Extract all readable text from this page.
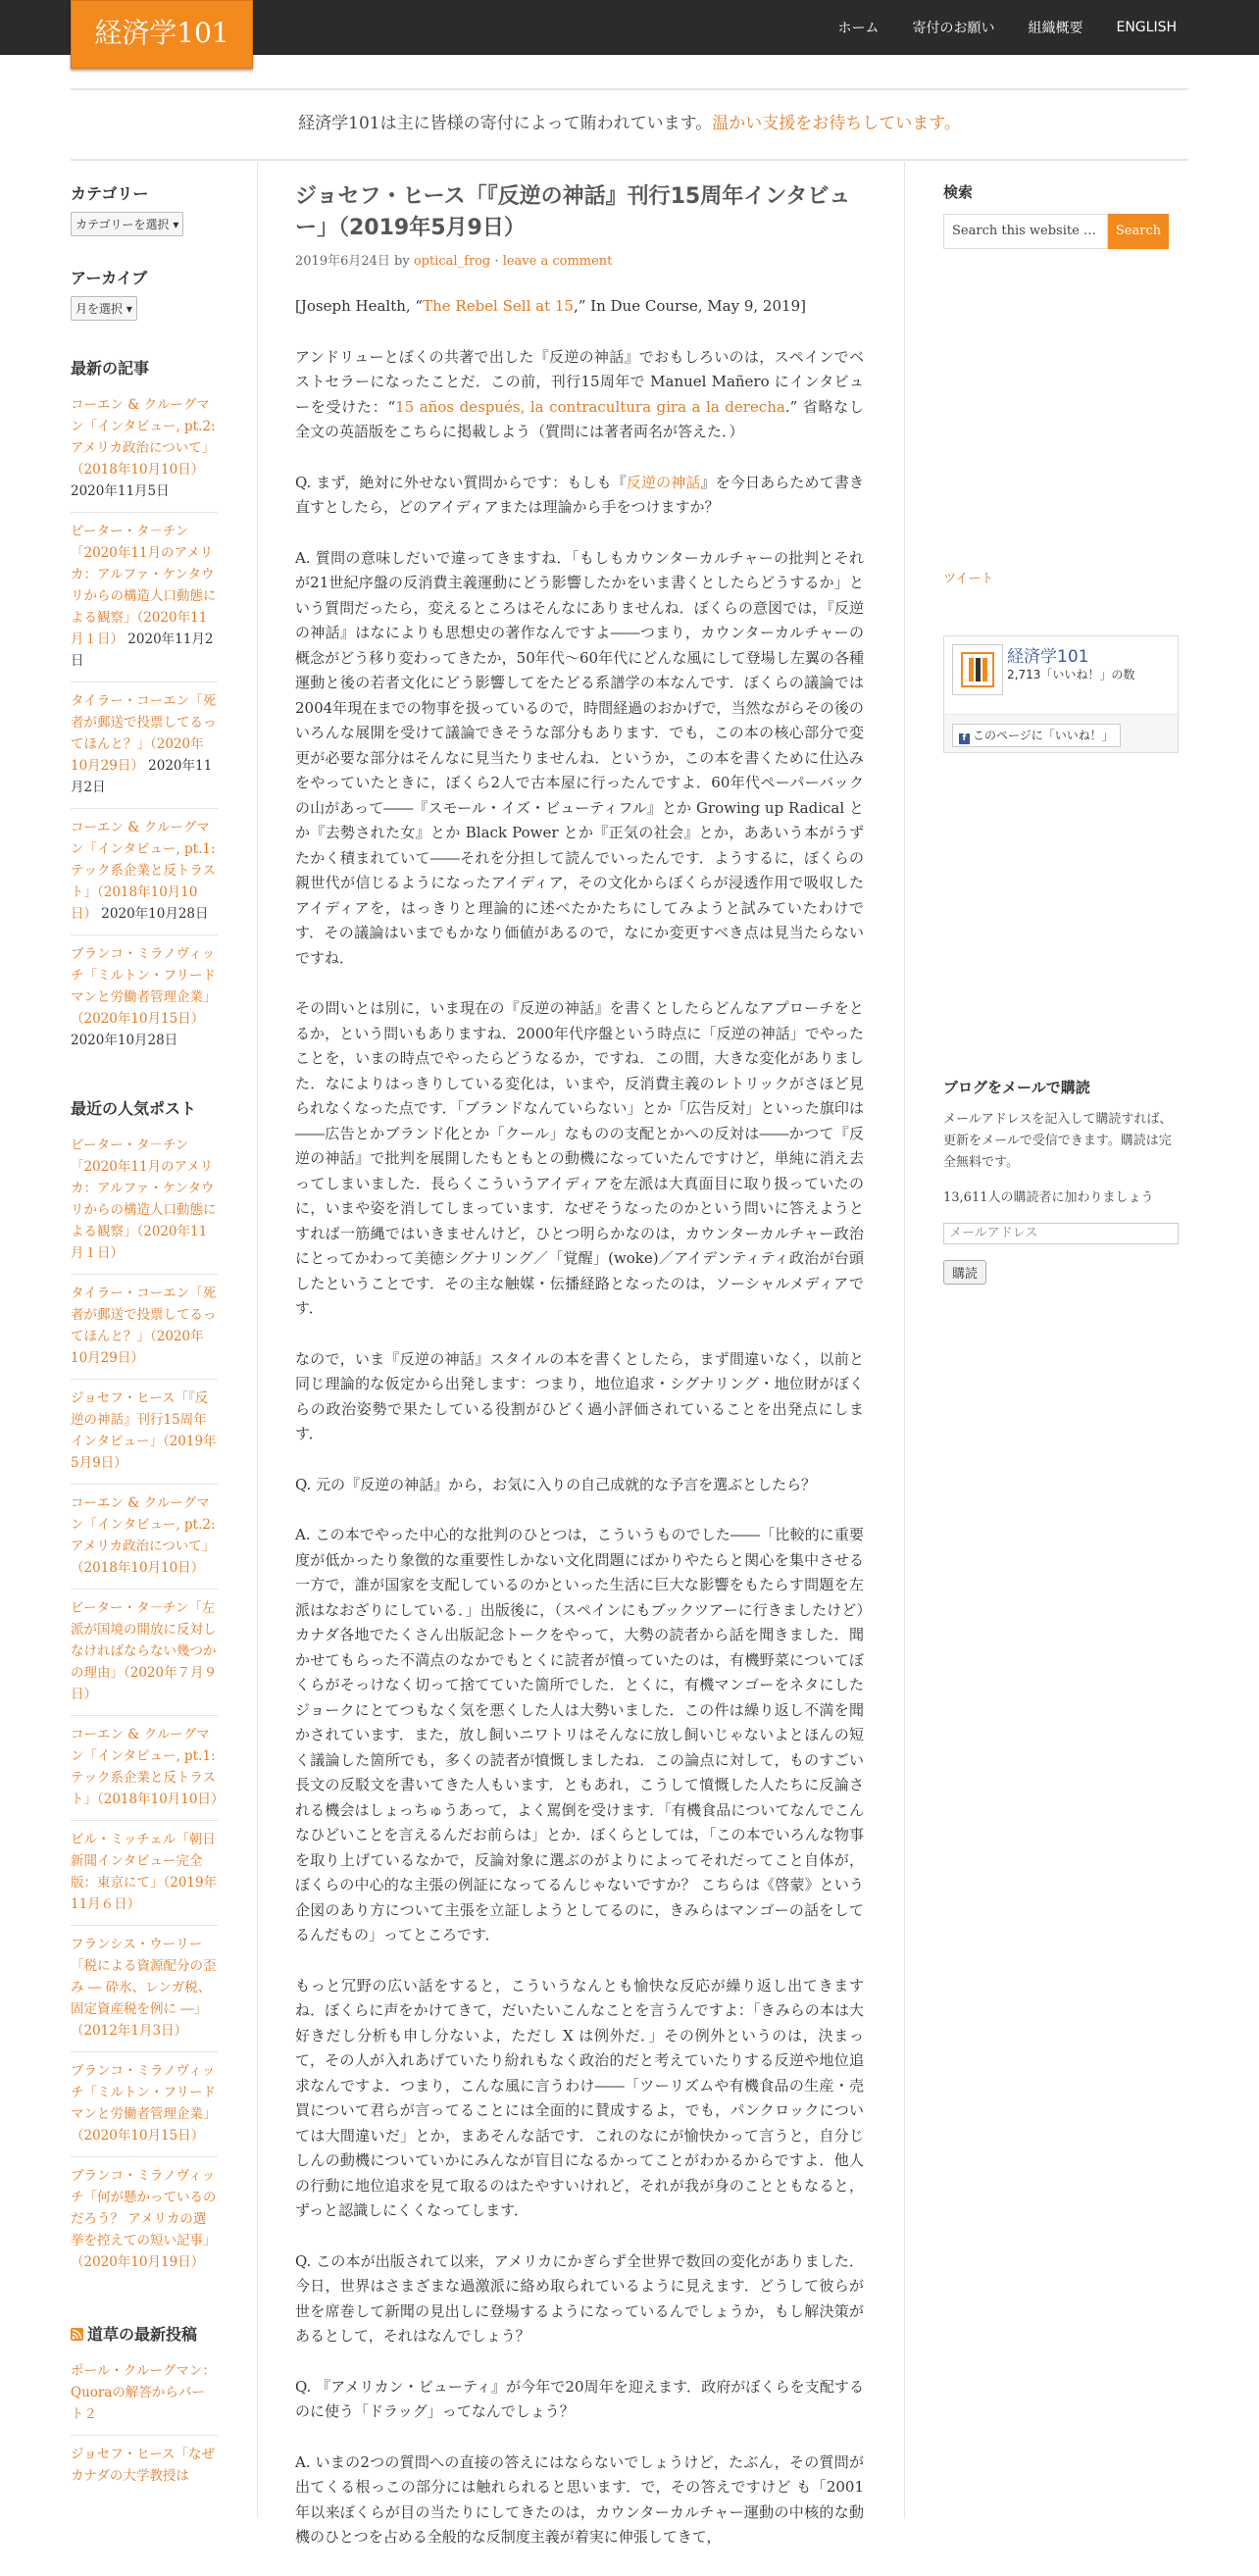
経済学101	ホーム 寄付のお願い 組織概要 ENGLISH
経済学101は主に皆様の寄付によって賄われています。温かい支援をお待ちしています。
カテゴリー
カテゴリーを選択 ▾
アーカイブ
月を選択 ▾
最新の記事
コーエン & クルーグマン「インタビュー, pt.2: アメリカ政治について」（2018年10月10日） 2020年11月5日
ピーター・タ－チン「2020年11月のアメリカ：アルファ・ケンタウリからの構造人口動態による観察」（2020年11月１日） 2020年11月2日
タイラー・コーエン「死者が郵送で投票してるってほんと？」（2020年10月29日） 2020年11月2日
コーエン & クルーグマン「インタビュー, pt.1: テック系企業と反トラスト」（2018年10月10日） 2020年10月28日
ブランコ・ミラノヴィッチ「ミルトン・フリードマンと労働者管理企業」（2020年10月15日） 2020年10月28日
最近の人気ポスト
ピーター・タ－チン「2020年11月のアメリカ：アルファ・ケンタウリからの構造人口動態による観察」（2020年11月１日）
タイラー・コーエン「死者が郵送で投票してるってほんと？」（2020年10月29日）
ジョセフ・ヒース「『反逆の神話』刊行15周年インタビュー」（2019年5月9日）
コーエン & クルーグマン「インタビュー, pt.2: アメリカ政治について」（2018年10月10日）
ピーター・タ－チン「左派が国境の開放に反対しなければならない幾つかの理由」（2020年７月９日）
コーエン & クルーグマン「インタビュー, pt.1: テック系企業と反トラスト」（2018年10月10日）
ビル・ミッチェル「朝日新聞インタビュー完全版：東京にて」（2019年11月６日）
フランシス・ウーリー「税による資源配分の歪み ― 砕氷、レンガ税、固定資産税を例に ―」（2012年1月3日）
ブランコ・ミラノヴィッチ「ミルトン・フリードマンと労働者管理企業」（2020年10月15日）
ブランコ・ミラノヴィッチ「何が懸かっているのだろう？ アメリカの選挙を控えての短い記事」（2020年10月19日）
道草の最新投稿
ポール・クルーグマン：Quoraの解答からパート２
ジョセフ・ヒース「なぜカナダの大学教授は
ジョセフ・ヒース「『反逆の神話』刊行15周年インタビュー」（2019年5月9日）
2019年6月24日 by optical_frog · leave a comment

[Joseph Health, “The Rebel Sell at 15,” In Due Course, May 9, 2019]

アンドリューとぼくの共著で出した『反逆の神話』でおもしろいのは，スペインでベストセラーになったことだ．この前，刊行15周年で Manuel Mañero にインタビューを受けた：“15 años después, la contracultura gira a la derecha.” 省略なし全文の英語版をこちらに掲載しよう（質問には著者両名が答えた．）

Q. まず，絶対に外せない質問からです：もしも『反逆の神話』を今日あらためて書き直すとしたら，どのアイディアまたは理論から手をつけますか？

A. 質問の意味しだいで違ってきますね．「もしもカウンターカルチャーの批判とそれが21世紀序盤の反消費主義運動にどう影響したかをいま書くとしたらどうするか」という質問だったら，変えるところはそんなにありませんね．ぼくらの意図では，『反逆の神話』はなによりも思想史の著作なんですよ――つまり，カウンターカルチャーの概念がどう移り変わってきたか，50年代～60年代にどんな風にして登場し左翼の各種運動と後の若者文化にどう影響してをたどる系譜学の本なんです．ぼくらの議論では2004年現在までの物事を扱っているので，時間経過のおかげで，当然ながらその後のいろんな展開を受けて議論できそうな部分もあります．でも，この本の核心部分で変更が必要な部分はそんなに見当たりませんね．というか，この本を書くために仕込みをやっていたときに，ぼくら2人で古本屋に行ったんですよ．60年代ペーパーバックの山があって――『スモール・イズ・ビューティフル』とか Growing up Radical とか『去勢された女』とか Black Power とか『正気の社会』とか，ああいう本がうずたかく積まれていて――それを分担して読んでいったんです．ようするに，ぼくらの親世代が信じるようになったアイディア，その文化からぼくらが浸透作用で吸収したアイディアを，はっきりと理論的に述べたかたちにしてみようと試みていたわけです．その議論はいまでもかなり価値があるので，なにか変更すべき点は見当たらないですね．

その問いとは別に，いま現在の『反逆の神話』を書くとしたらどんなアプローチをとるか，という問いもありますね．2000年代序盤という時点に「反逆の神話」でやったことを，いまの時点でやったらどうなるか，ですね．この間，大きな変化がありました．なによりはっきりしている変化は，いまや，反消費主義のレトリックがさほど見られなくなった点です．「ブランドなんていらない」とか「広告反対」といった旗印は――広告とかブランド化とか「クール」なものの支配とかへの反対は――かつて『反逆の神話』で批判を展開したもともとの動機になっていたんですけど，単純に消え去ってしまいました．長らくこういうアイディアを左派は大真面目に取り扱っていたのに，いまや姿を消してしまっています．なぜそうなったのかという問いに答えようとすれば一筋縄ではいきませんけど，ひとつ明らかなのは，カウンターカルチャー政治にとってかわって美徳シグナリング／「覚醒」(woke)／アイデンティティ政治が台頭したということです．その主な触媒・伝播経路となったのは，ソーシャルメディアです．

なので，いま『反逆の神話』スタイルの本を書くとしたら，まず間違いなく，以前と同じ理論的な仮定から出発します：つまり，地位追求・シグナリング・地位財がぼくらの政治姿勢で果たしている役割がひどく過小評価されていることを出発点にします．

Q. 元の『反逆の神話』から，お気に入りの自己成就的な予言を選ぶとしたら？

A. この本でやった中心的な批判のひとつは，こういうものでした――「比較的に重要度が低かったり象徴的な重要性しかない文化問題にばかりやたらと関心を集中させる一方で，誰が国家を支配しているのかといった生活に巨大な影響をもたらす問題を左派はなおざりにしている．」出版後に，（スペインにもブックツアーに行きましたけど）カナダ各地でたくさん出版記念トークをやって，大勢の読者から話を聞きました．聞かせてもらった不満点のなかでもとくに読者が憤っていたのは，有機野菜についてぼくらがそっけなく切って捨てていた箇所でした．とくに，有機マンゴーをネタにしたジョークにとてつもなく気を悪くした人は大勢いました．この件は繰り返し不満を聞かされています．また，放し飼いニワトリはそんなに放し飼いじゃないよとほんの短く議論した箇所でも，多くの読者が憤慨しましたね．この論点に対して，ものすごい長文の反駁文を書いてきた人もいます．ともあれ，こうして憤慨した人たちに反論される機会はしょっちゅうあって，よく罵倒を受けます．「有機食品についてなんでこんなひどいことを言えるんだお前らは」とか．ぼくらとしては，「この本でいろんな物事を取り上げているなかで，反論対象に選ぶのがよりによってそれだってこと自体が，ぼくらの中心的な主張の例証になってるんじゃないですか？ こちらは《啓蒙》という企図のあり方について主張を立証しようとしてるのに，きみらはマンゴーの話をしてるんだもの」ってところです．

もっと冗野の広い話をすると，こういうなんとも愉快な反応が繰り返し出てきますね．ぼくらに声をかけてきて，だいたいこんなことを言うんですよ：「きみらの本は大好きだし分析も申し分ないよ，ただし X は例外だ．」その例外というのは，決まって，その人が入れあげていたり紛れもなく政治的だと考えていたりする反逆や地位追求なんですよ．つまり，こんな風に言うわけ――「ツーリズムや有機食品の生産・売買について君らが言ってることには全面的に賛成するよ，でも，パンクロックについては大間違いだ」とか，まあそんな話です．これのなにが愉快かって言うと，自分じしんの動機についていかにみんなが盲目になるかってことがわかるからですよ．他人の行動に地位追求を見て取るのはたやすいけれど，それが我が身のことともなると，ずっと認識しにくくなってします．

Q. この本が出版されて以来，アメリカにかぎらず全世界で数回の変化がありました．今日，世界はさまざまな過激派に絡め取られているように見えます．どうして彼らが世を席巻して新聞の見出しに登場するようになっているんでしょうか，もし解決策があるとして，それはなんでしょう？

Q. 『アメリカン・ビューティ』が今年で20周年を迎えます．政府がぼくらを支配するのに使う「ドラッグ」ってなんでしょう？

A. いまの2つの質問への直接の答えにはならないでしょうけど，たぶん，その質問が出てくる根っこの部分には触れられると思います．で，その答えですけど も「2001年以来ぼくらが目の当たりにしてきたのは，カウンターカルチャー運動の中核的な動機のひとつを占める全般的な反制度主義が着実に伸張してきて，

検索
Search this website …	Search
ツイート
経済学101
2,713「いいね！」の数
f このページに「いいね！」
ブログをメールで購読
メールアドレスを記入して購読すれば、更新をメールで受信できます。購読は完全無料です。
13,611人の購読者に加わりましょう
メールアドレス
購読
